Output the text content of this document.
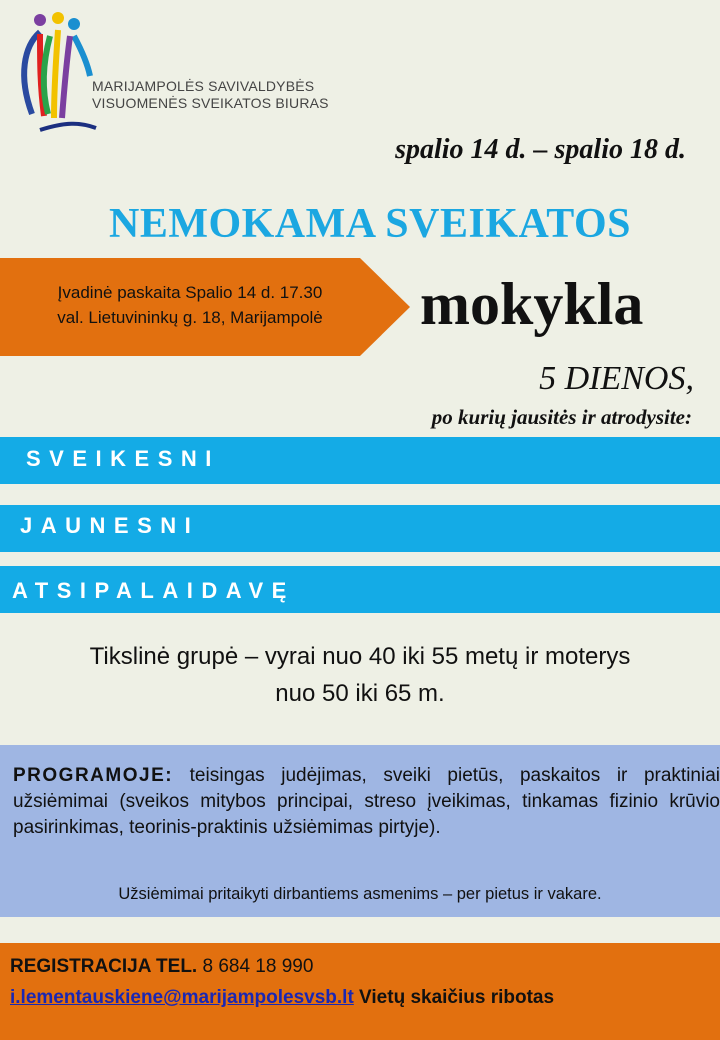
MARIJAMPOLĖS SAVIVALDYBĖS
VISUOMENĖS SVEIKATOS BIURAS
spalio 14 d. – spalio 18 d.
NEMOKAMA SVEIKATOS
Įvadinė paskaita Spalio 14 d. 17.30
val. Lietuvininkų g. 18, Marijampolė	mokykla
5 DIENOS,
po kurių jausitės ir atrodysite:
SVEIKESNI
JAUNESNI
ATSIPALAIDAVĘ
Tikslinė grupė – vyrai nuo 40 iki 55 metų ir moterys
nuo 50 iki 65 m.
PROGRAMOJE: teisingas judėjimas, sveiki pietūs, paskaitos ir praktiniai užsiėmimai (sveikos mitybos principai, streso įveikimas, tinkamas fizinio krūvio pasirinkimas, teorinis-praktinis užsiėmimas pirtyje).
Užsiėmimai pritaikyti dirbantiems asmenims – per pietus ir vakare.
REGISTRACIJA TEL. 8 684 18 990
i.lementauskiene@marijampolesvsb.lt Vietų skaičius ribotas
